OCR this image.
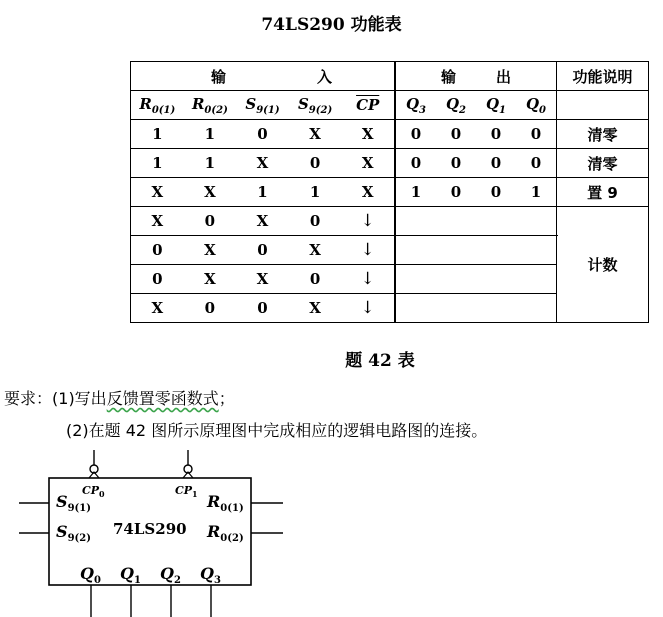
74LS290 功能表
输 入	输 出	功能说明

$R_{0(1)}$ $R_{0(2)}$ $S_{9(1)}$ $S_{9(2)}$ $\overline{CP}$	$Q_3$ $Q_2$ $Q_1$ $Q_0$

1 1 0 X X	0 0 0 0	清零

1 1 X 0 X	0 0 0 0	清零

X X 1 1 X	1 0 0 1	置 9

X 0 X 0 ↓		计数

0 X 0 X ↓		

0 X X 0 ↓		

X 0 0 X ↓		

题 42 表
要求：(1)写出反馈置零函数式；
(2)在题 42 图所示原理图中完成相应的逻辑电路图的连接。
$CP_0$	$CP_1$
$S_{9(1)}$
$S_{9(2)}$
$R_{0(1)}$
$R_{0(2)}$
74LS290
$Q_0$ $Q_1$ $Q_2$ $Q_3$
